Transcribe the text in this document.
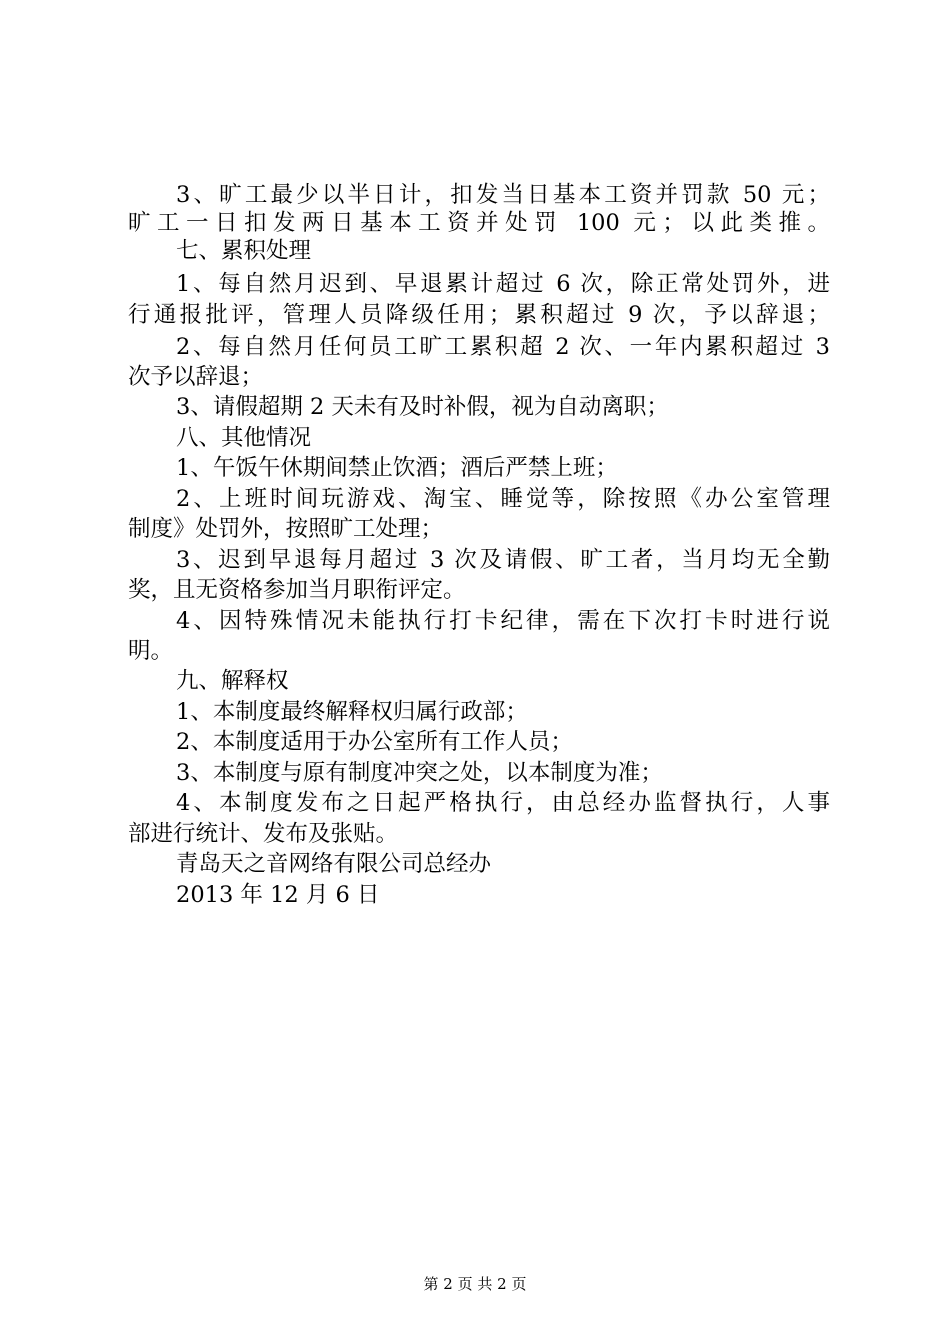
3、旷工最少以半日计，扣发当日基本工资并罚款 50 元；
旷工一日扣发两日基本工资并处罚 100 元；以此类推。
七、累积处理
1、每自然月迟到、早退累计超过 6 次，除正常处罚外，进
行通报批评，管理人员降级任用；累积超过 9 次，予以辞退；
2、每自然月任何员工旷工累积超 2 次、一年内累积超过 3
次予以辞退；
3、请假超期 2 天未有及时补假，视为自动离职；
八、其他情况
1、午饭午休期间禁止饮酒；酒后严禁上班；
2、上班时间玩游戏、淘宝、睡觉等，除按照《办公室管理
制度》处罚外，按照旷工处理；
3、迟到早退每月超过 3 次及请假、旷工者，当月均无全勤
奖，且无资格参加当月职衔评定。
4、因特殊情况未能执行打卡纪律，需在下次打卡时进行说
明。
九、解释权
1、本制度最终解释权归属行政部；
2、本制度适用于办公室所有工作人员；
3、本制度与原有制度冲突之处，以本制度为准；
4、本制度发布之日起严格执行，由总经办监督执行，人事
部进行统计、发布及张贴。
青岛天之音网络有限公司总经办
2013 年 12 月 6 日
第 2 页 共 2 页
